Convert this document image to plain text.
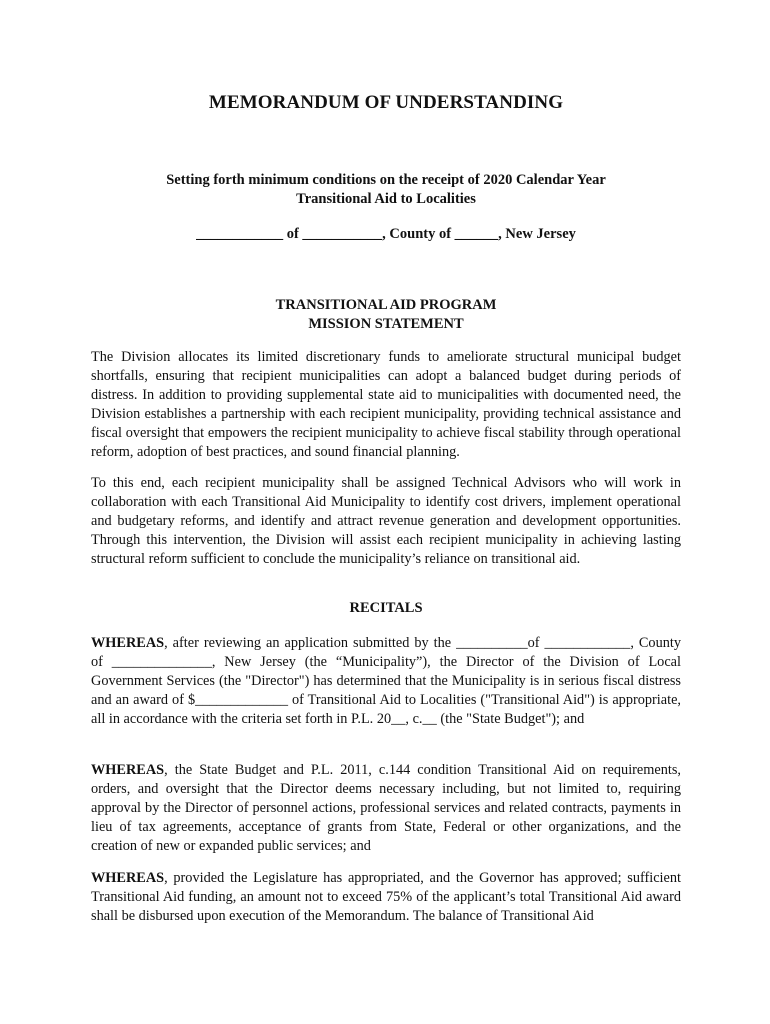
MEMORANDUM OF UNDERSTANDING
Setting forth minimum conditions on the receipt of 2020 Calendar Year
Transitional Aid to Localities
____________ of ___________, County of ______, New Jersey
TRANSITIONAL AID PROGRAM
MISSION STATEMENT
The Division allocates its limited discretionary funds to ameliorate structural municipal budget shortfalls, ensuring that recipient municipalities can adopt a balanced budget during periods of distress. In addition to providing supplemental state aid to municipalities with documented need, the Division establishes a partnership with each recipient municipality, providing technical assistance and fiscal oversight that empowers the recipient municipality to achieve fiscal stability through operational reform, adoption of best practices, and sound financial planning.
To this end, each recipient municipality shall be assigned Technical Advisors who will work in collaboration with each Transitional Aid Municipality to identify cost drivers, implement operational and budgetary reforms, and identify and attract revenue generation and development opportunities. Through this intervention, the Division will assist each recipient municipality in achieving lasting structural reform sufficient to conclude the municipality’s reliance on transitional aid.
RECITALS
WHEREAS, after reviewing an application submitted by the __________of ____________, County of ______________, New Jersey (the “Municipality”), the Director of the Division of Local Government Services (the "Director") has determined that the Municipality is in serious fiscal distress and an award of $_____________ of Transitional Aid to Localities ("Transitional Aid") is appropriate, all in accordance with the criteria set forth in P.L. 20__, c.__ (the "State Budget"); and
WHEREAS, the State Budget and P.L. 2011, c.144 condition Transitional Aid on requirements, orders, and oversight that the Director deems necessary including, but not limited to, requiring approval by the Director of personnel actions, professional services and related contracts, payments in lieu of tax agreements, acceptance of grants from State, Federal or other organizations, and the creation of new or expanded public services; and
WHEREAS, provided the Legislature has appropriated, and the Governor has approved; sufficient Transitional Aid funding, an amount not to exceed 75% of the applicant’s total Transitional Aid award shall be disbursed upon execution of the Memorandum. The balance of Transitional Aid
